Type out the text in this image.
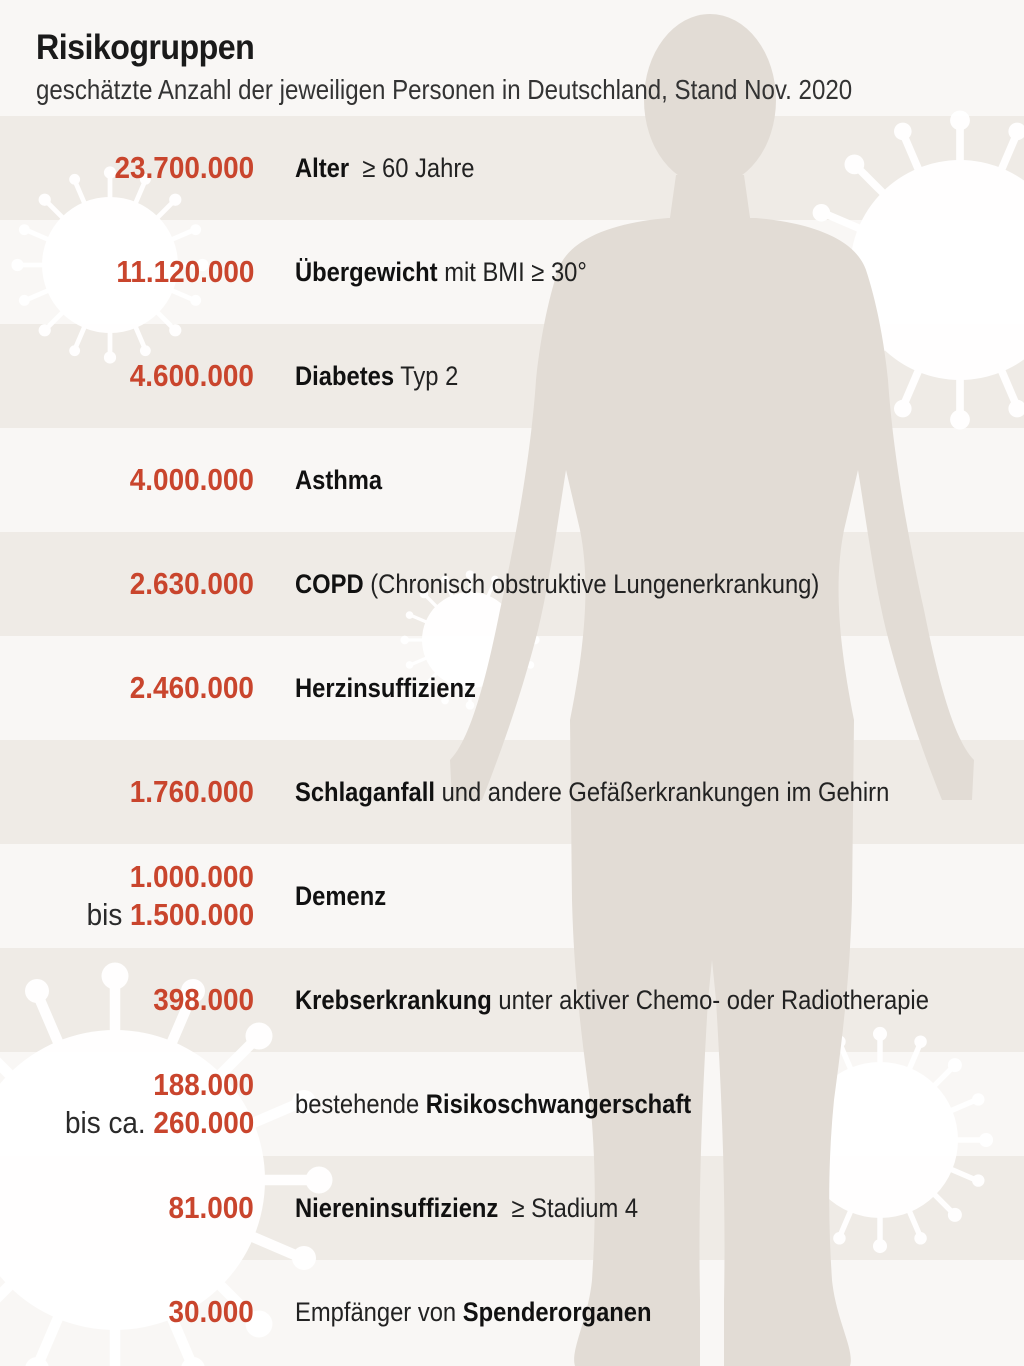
Risikogruppen
geschätzte Anzahl der jeweiligen Personen in Deutschland, Stand Nov. 2020
23.700.000 Alter ≥ 60 Jahre
11.120.000 Übergewicht mit BMI ≥ 30°
4.600.000 Diabetes Typ 2
4.000.000 Asthma
2.630.000 COPD (Chronisch obstruktive Lungenerkrankung)
2.460.000 Herzinsuffizienz
1.760.000 Schlaganfall und andere Gefäßerkrankungen im Gehirn
1.000.000
bis 1.500.000
Demenz
398.000 Krebserkrankung unter aktiver Chemo- oder Radiotherapie
188.000
bis ca. 260.000
bestehende Risikoschwangerschaft
81.000 Niereninsuffizienz ≥ Stadium 4
30.000 Empfänger von Spenderorganen
